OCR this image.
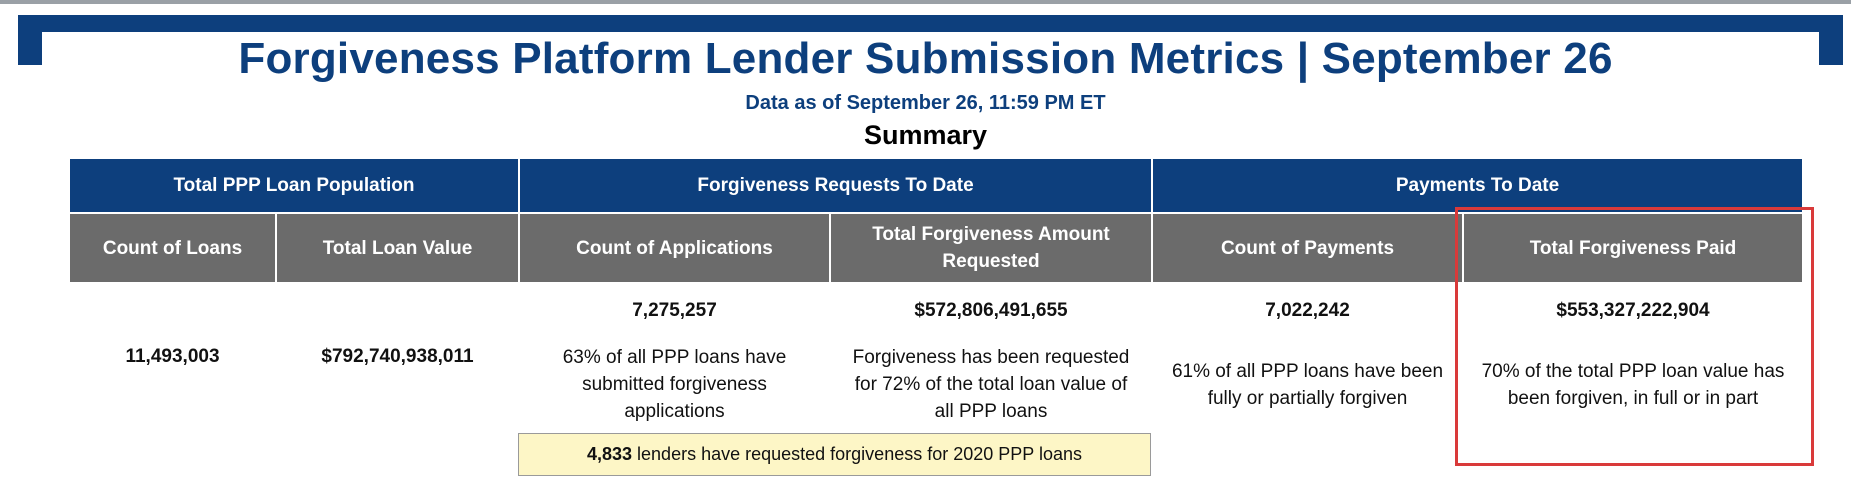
Forgiveness Platform Lender Submission Metrics | September 26
Data as of September 26, 11:59 PM ET
Summary
Total PPP Loan Population		Forgiveness Requests To Date		Payments To Date	
Count of Loans	Total Loan Value	Count of Applications	Total Forgiveness Amount Requested	Count of Payments	Total Forgiveness Paid
11,493,003	$792,740,938,011	7,275,257	$572,806,491,655	7,022,242	$553,327,222,904
		63% of all PPP loans have submitted forgiveness applications	Forgiveness has been requested for 72% of the total loan value of all PPP loans	61% of all PPP loans have been fully or partially forgiven	70% of the total PPP loan value has been forgiven, in full or in part
4,833 lenders have requested forgiveness for 2020 PPP loans
